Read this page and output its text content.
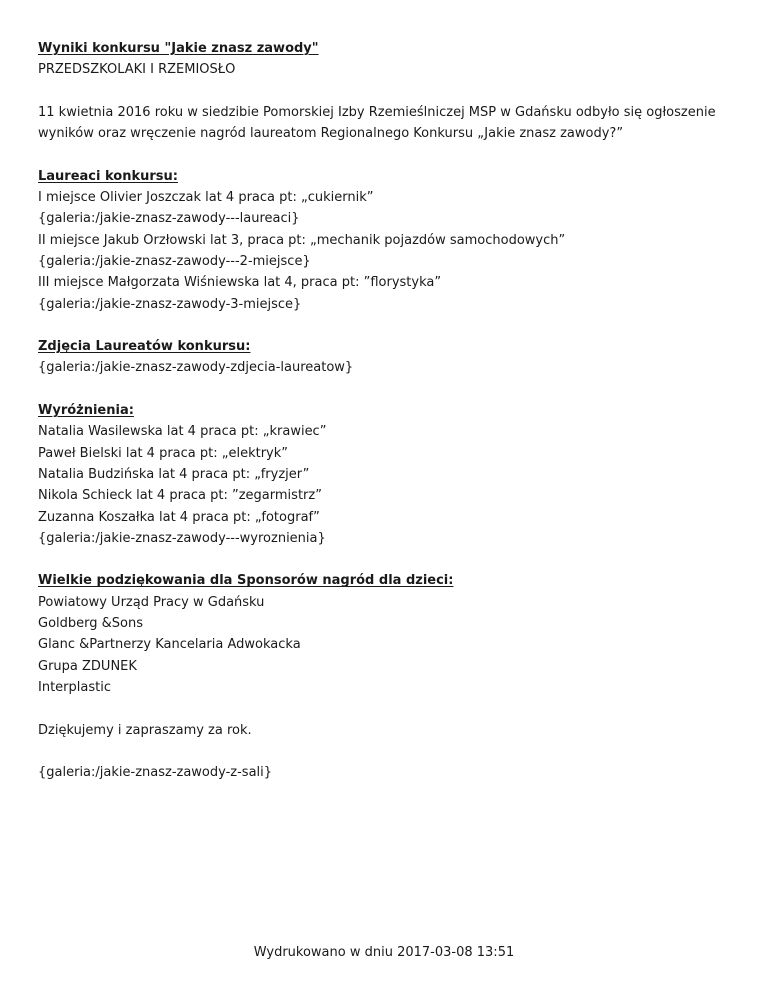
Wyniki konkursu "Jakie znasz zawody"
PRZEDSZKOLAKI I RZEMIOSŁO
11 kwietnia 2016 roku w siedzibie Pomorskiej Izby Rzemieślniczej MSP w Gdańsku odbyło się ogłoszenie
wyników oraz wręczenie nagród laureatom Regionalnego Konkursu „Jakie znasz zawody?”
Laureaci konkursu:
I miejsce Olivier Joszczak lat 4 praca pt: „cukiernik”
{galeria:/jakie-znasz-zawody---laureaci}
II miejsce Jakub Orzłowski lat 3, praca pt: „mechanik pojazdów samochodowych”
{galeria:/jakie-znasz-zawody---2-miejsce}
III miejsce Małgorzata Wiśniewska lat 4, praca pt: ”florystyka”
{galeria:/jakie-znasz-zawody-3-miejsce}
Zdjęcia Laureatów konkursu:
{galeria:/jakie-znasz-zawody-zdjecia-laureatow}
Wyróżnienia:
Natalia Wasilewska lat 4 praca pt: „krawiec”
Paweł Bielski lat 4 praca pt: „elektryk”
Natalia Budzińska lat 4 praca pt: „fryzjer”
Nikola Schieck lat 4 praca pt: ”zegarmistrz”
Zuzanna Koszałka lat 4 praca pt: „fotograf”
{galeria:/jakie-znasz-zawody---wyroznienia}
Wielkie podziękowania dla Sponsorów nagród dla dzieci:
Powiatowy Urząd Pracy w Gdańsku
Goldberg &Sons
Glanc &Partnerzy Kancelaria Adwokacka
Grupa ZDUNEK
Interplastic
Dziękujemy i zapraszamy za rok.
{galeria:/jakie-znasz-zawody-z-sali}
Wydrukowano w dniu 2017-03-08 13:51
